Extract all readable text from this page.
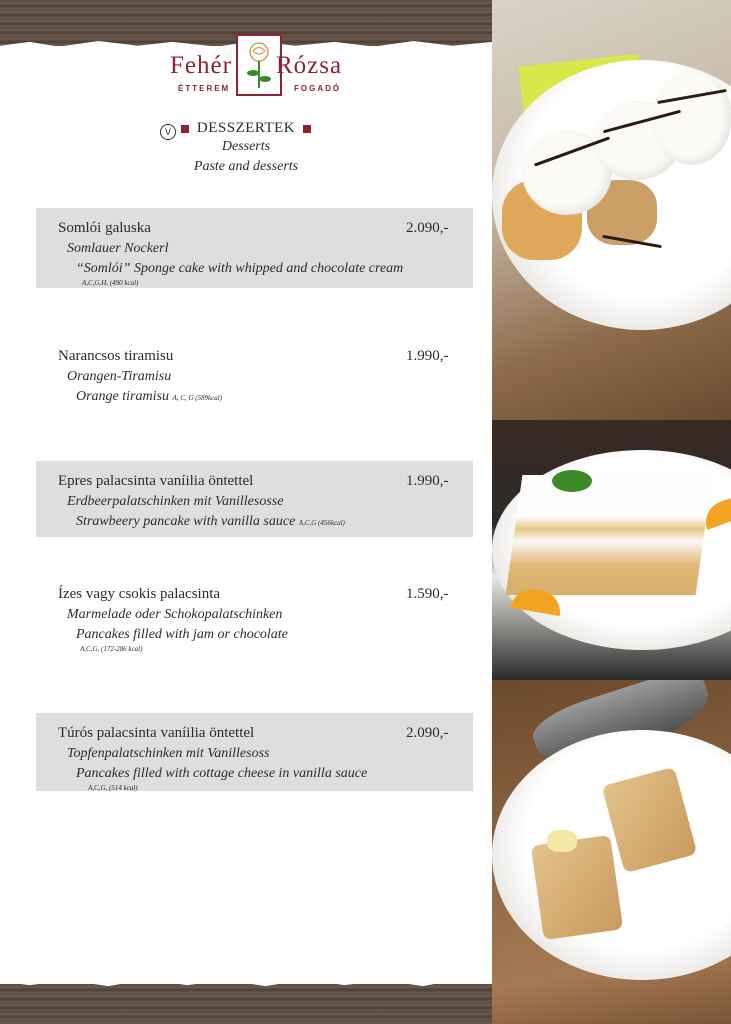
Fehér Rózsa
ÉTTEREM	FOGADÓ
V	DESSZERTEK
Desserts
Paste and desserts
Somlói galuska	2.090,-
Somlauer Nockerl
“Somlói” Sponge cake with whipped and chocolate cream
A,C,G,H, (490 kcal)
Narancsos tiramisu	1.990,-
Orangen-Tiramisu
Orange tiramisu A, C, G (589kcal)
Epres palacsinta vaníilia öntettel	1.990,-
Erdbeerpalatschinken mit Vanillesosse
Strawbeery pancake with vanilla sauce A,C,G (456kcal)
Ízes vagy csokis palacsinta	1.590,-
Marmelade oder Schokopalatschinken
Pancakes filled with jam or chocolate
A,C,G, (172-286 kcal)
Túrós palacsinta vaníilia öntettel	2.090,-
Topfenpalatschinken mit Vanillesoss
Pancakes filled with cottage cheese in vanilla sauce
A,C,G, (514 kcal)
